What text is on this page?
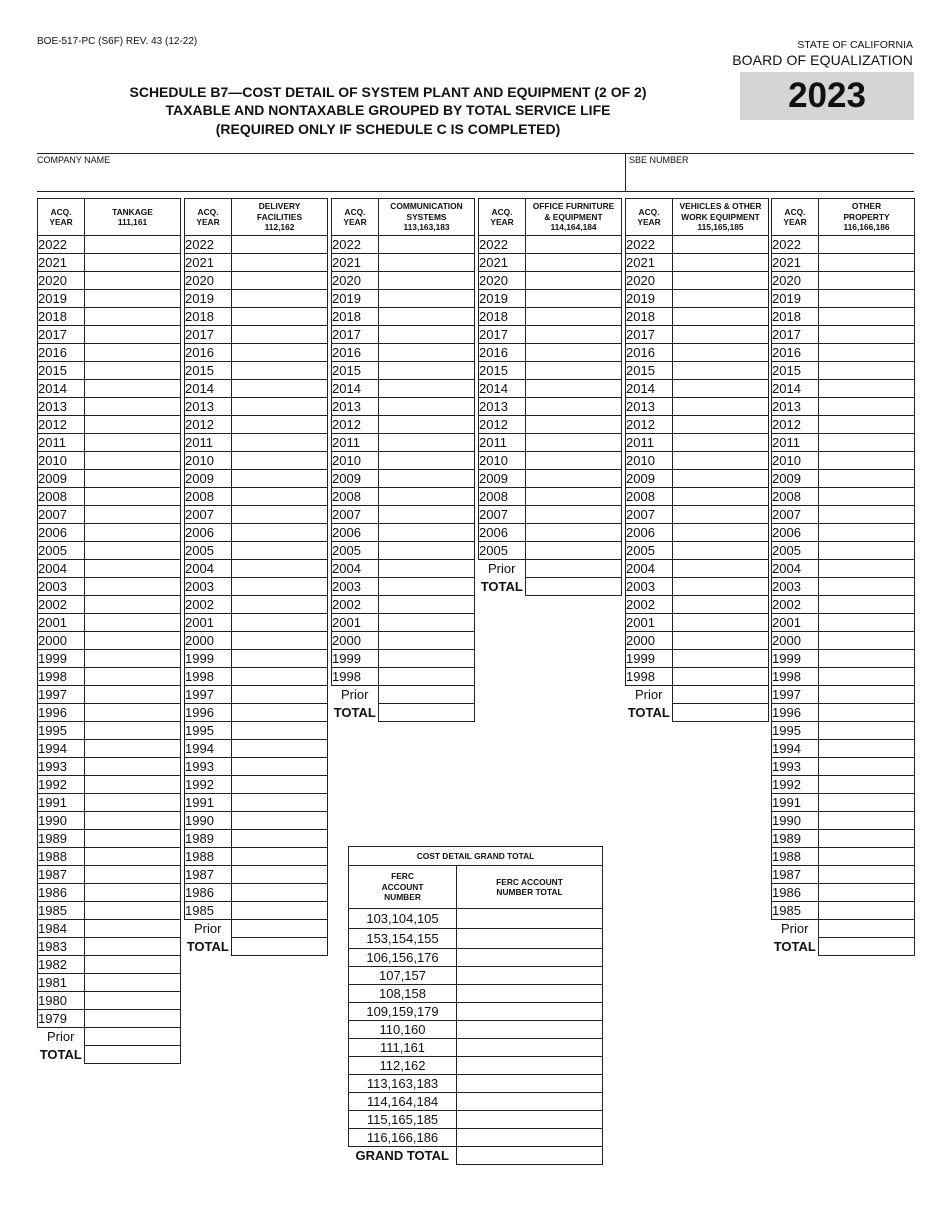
BOE-517-PC (S6F) REV. 43 (12-22)	STATE OF CALIFORNIA
BOARD OF EQUALIZATION
2023
SCHEDULE B7—COST DETAIL OF SYSTEM PLANT AND EQUIPMENT (2 OF 2)
TAXABLE AND NONTAXABLE GROUPED BY TOTAL SERVICE LIFE
(REQUIRED ONLY IF SCHEDULE C IS COMPLETED)
COMPANY NAME	SBE NUMBER
ACQ.
YEAR	TANKAGE
111,161
2022	
2021	
2020	
2019	
2018	
2017	
2016	
2015	
2014	
2013	
2012	
2011	
2010	
2009	
2008	
2007	
2006	
2005	
2004	
2003	
2002	
2001	
2000	
1999	
1998	
1997	
1996	
1995	
1994	
1993	
1992	
1991	
1990	
1989	
1988	
1987	
1986	
1985	
1984	
1983	
1982	
1981	
1980	
1979	
Prior	
TOTAL	
ACQ.
YEAR	DELIVERY
FACILITIES
112,162
2022	
2021	
2020	
2019	
2018	
2017	
2016	
2015	
2014	
2013	
2012	
2011	
2010	
2009	
2008	
2007	
2006	
2005	
2004	
2003	
2002	
2001	
2000	
1999	
1998	
1997	
1996	
1995	
1994	
1993	
1992	
1991	
1990	
1989	
1988	
1987	
1986	
1985	
Prior	
TOTAL	
ACQ.
YEAR	COMMUNICATION
SYSTEMS
113,163,183
2022	
2021	
2020	
2019	
2018	
2017	
2016	
2015	
2014	
2013	
2012	
2011	
2010	
2009	
2008	
2007	
2006	
2005	
2004	
2003	
2002	
2001	
2000	
1999	
1998	
Prior	
TOTAL	
ACQ.
YEAR	OFFICE FURNITURE
& EQUIPMENT
114,164,184
2022	
2021	
2020	
2019	
2018	
2017	
2016	
2015	
2014	
2013	
2012	
2011	
2010	
2009	
2008	
2007	
2006	
2005	
Prior	
TOTAL	
ACQ.
YEAR	VEHICLES & OTHER
WORK EQUIPMENT
115,165,185
2022	
2021	
2020	
2019	
2018	
2017	
2016	
2015	
2014	
2013	
2012	
2011	
2010	
2009	
2008	
2007	
2006	
2005	
2004	
2003	
2002	
2001	
2000	
1999	
1998	
Prior	
TOTAL	
ACQ.
YEAR	OTHER
PROPERTY
116,166,186
2022	
2021	
2020	
2019	
2018	
2017	
2016	
2015	
2014	
2013	
2012	
2011	
2010	
2009	
2008	
2007	
2006	
2005	
2004	
2003	
2002	
2001	
2000	
1999	
1998	
1997	
1996	
1995	
1994	
1993	
1992	
1991	
1990	
1989	
1988	
1987	
1986	
1985	
Prior	
TOTAL	
COST DETAIL GRAND TOTAL	
FERC
ACCOUNT
NUMBER	FERC ACCOUNT
NUMBER TOTAL
103,104,105	
153,154,155	
106,156,176	
107,157	
108,158	
109,159,179	
110,160	
111,161	
112,162	
113,163,183	
114,164,184	
115,165,185	
116,166,186	
GRAND TOTAL	
